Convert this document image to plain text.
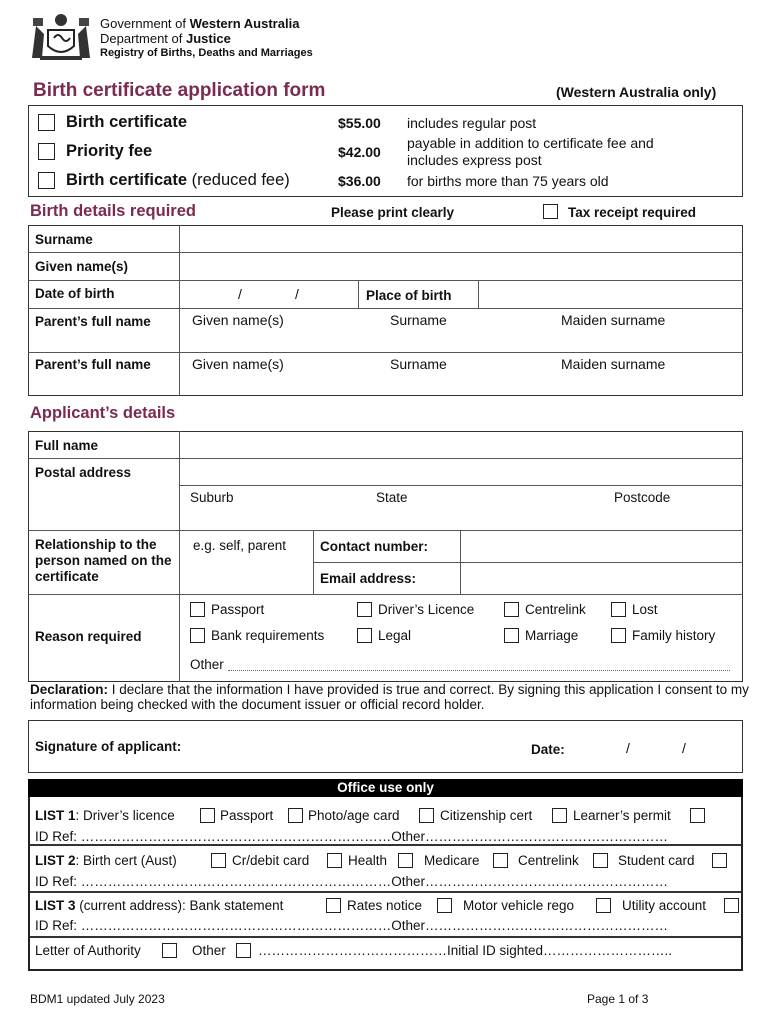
Government of Western Australia
Department of Justice
Registry of Births, Deaths and Marriages
Birth certificate application form	(Western Australia only)
Birth certificate	$55.00 includes regular post
Priority fee	$42.00
payable in addition to certificate fee and includes express post
Birth certificate (reduced fee)	$36.00 for births more than 75 years old
Birth details required	Please print clearly	Tax receipt required
Surname
Given name(s)
Date of birth	/	/	Place of birth
Parent’s full name	Given name(s)	Surname	Maiden surname
Parent’s full name	Given name(s)	Surname	Maiden surname
Applicant’s details
Full name
Postal address
Suburb	State	Postcode
Relationship to the person named on the certificate
e.g. self, parent	Contact number:
Email address:
Reason required
Passport	Driver’s Licence	Centrelink	Lost
Bank requirements	Legal	Marriage	Family history
Other
Declaration: I declare that the information I have provided is true and correct. By signing this application I consent to my information being checked with the document issuer or official record holder.
Signature of applicant:	Date:	/	/
Office use only
LIST 1: Driver’s licence	Passport	Photo/age card	Citizenship cert	Learner’s permit
ID Ref: ……………………………………………………………Other………………………………………………
LIST 2: Birth cert (Aust)	Cr/debit card	Health	Medicare	Centrelink	Student card
ID Ref: ……………………………………………………………Other………………………………………………
LIST 3 (current address): Bank statement	Rates notice	Motor vehicle rego	Utility account
ID Ref: ……………………………………………………………Other………………………………………………
Letter of Authority	Other ……………………………………Initial ID sighted………………………..
BDM1 updated July 2023	Page 1 of 3
